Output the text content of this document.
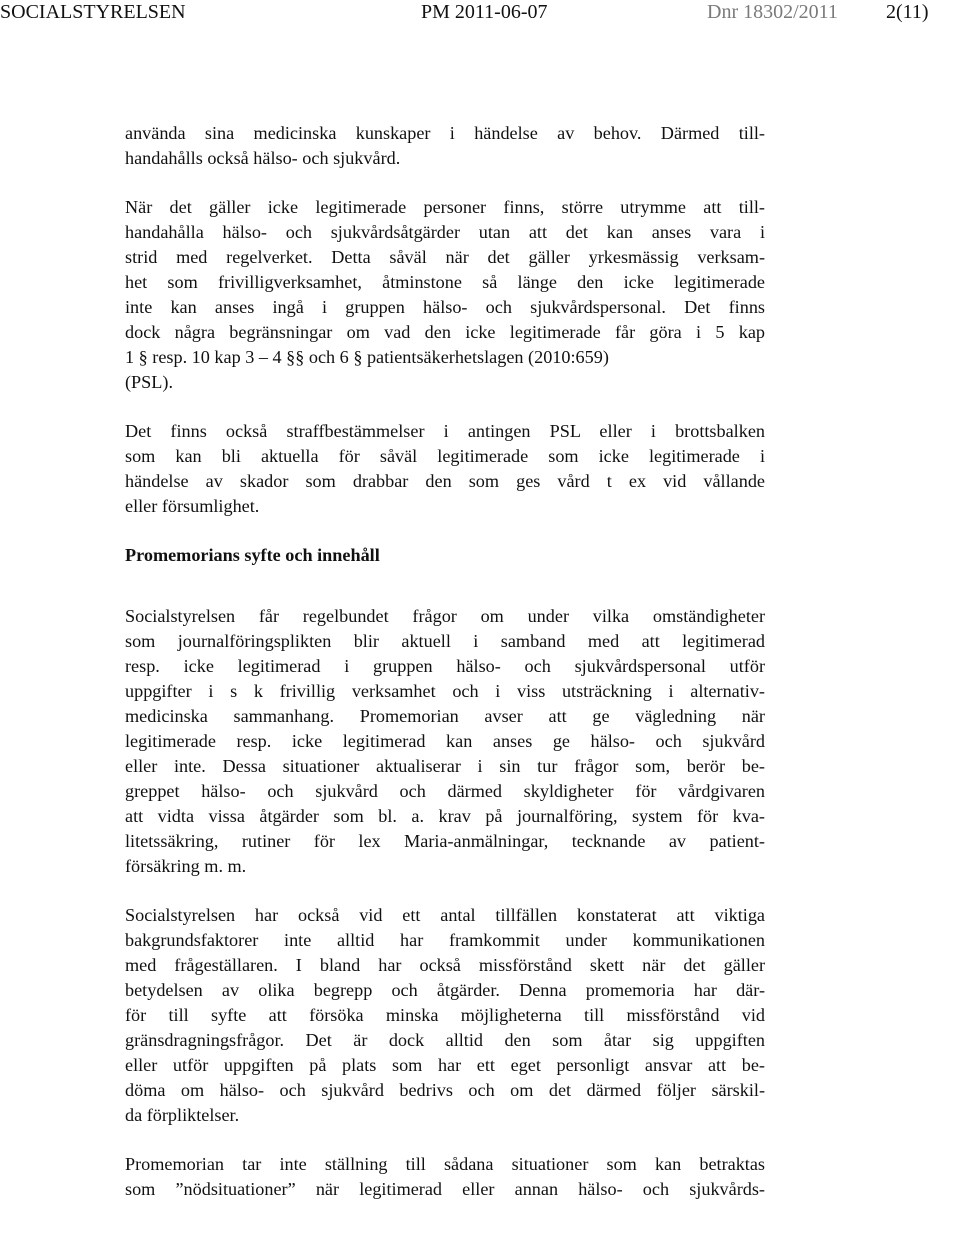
SOCIALSTYRELSEN	PM 2011-06-07	Dnr 18302/2011 2(11)

använda sina medicinska kunskaper i händelse av behov. Därmed till-
handahålls också hälso- och sjukvård.

När det gäller icke legitimerade personer finns, större utrymme att till-
handahålla hälso- och sjukvårdsåtgärder utan att det kan anses vara i
strid med regelverket. Detta såväl när det gäller yrkesmässig verksam-
het som frivilligverksamhet, åtminstone så länge den icke legitimerade
inte kan anses ingå i gruppen hälso- och sjukvårdspersonal. Det finns
dock några begränsningar om vad den icke legitimerade får göra i 5 kap
1 § resp. 10 kap 3 – 4 §§ och 6 § patientsäkerhetslagen (2010:659)
(PSL).

Det finns också straffbestämmelser i antingen PSL eller i brottsbalken
som kan bli aktuella för såväl legitimerade som icke legitimerade i
händelse av skador som drabbar den som ges vård t ex vid vållande
eller försumlighet.

Promemorians syfte och innehåll

Socialstyrelsen får regelbundet frågor om under vilka omständigheter
som journalföringsplikten blir aktuell i samband med att legitimerad
resp. icke legitimerad i gruppen hälso- och sjukvårdspersonal utför
uppgifter i s k frivillig verksamhet och i viss utsträckning i alternativ-
medicinska sammanhang. Promemorian avser att ge vägledning när
legitimerade resp. icke legitimerad kan anses ge hälso- och sjukvård
eller inte. Dessa situationer aktualiserar i sin tur frågor som, berör be-
greppet hälso- och sjukvård och därmed skyldigheter för vårdgivaren
att vidta vissa åtgärder som bl. a. krav på journalföring, system för kva-
litetssäkring, rutiner för lex Maria-anmälningar, tecknande av patient-
försäkring m. m.

Socialstyrelsen har också vid ett antal tillfällen konstaterat att viktiga
bakgrundsfaktorer inte alltid har framkommit under kommunikationen
med frågeställaren. I bland har också missförstånd skett när det gäller
betydelsen av olika begrepp och åtgärder. Denna promemoria har där-
för till syfte att försöka minska möjligheterna till missförstånd vid
gränsdragningsfrågor. Det är dock alltid den som åtar sig uppgiften
eller utför uppgiften på plats som har ett eget personligt ansvar att be-
döma om hälso- och sjukvård bedrivs och om det därmed följer särskil-
da förpliktelser.

Promemorian tar inte ställning till sådana situationer som kan betraktas
som ”nödsituationer” när legitimerad eller annan hälso- och sjukvårds-
